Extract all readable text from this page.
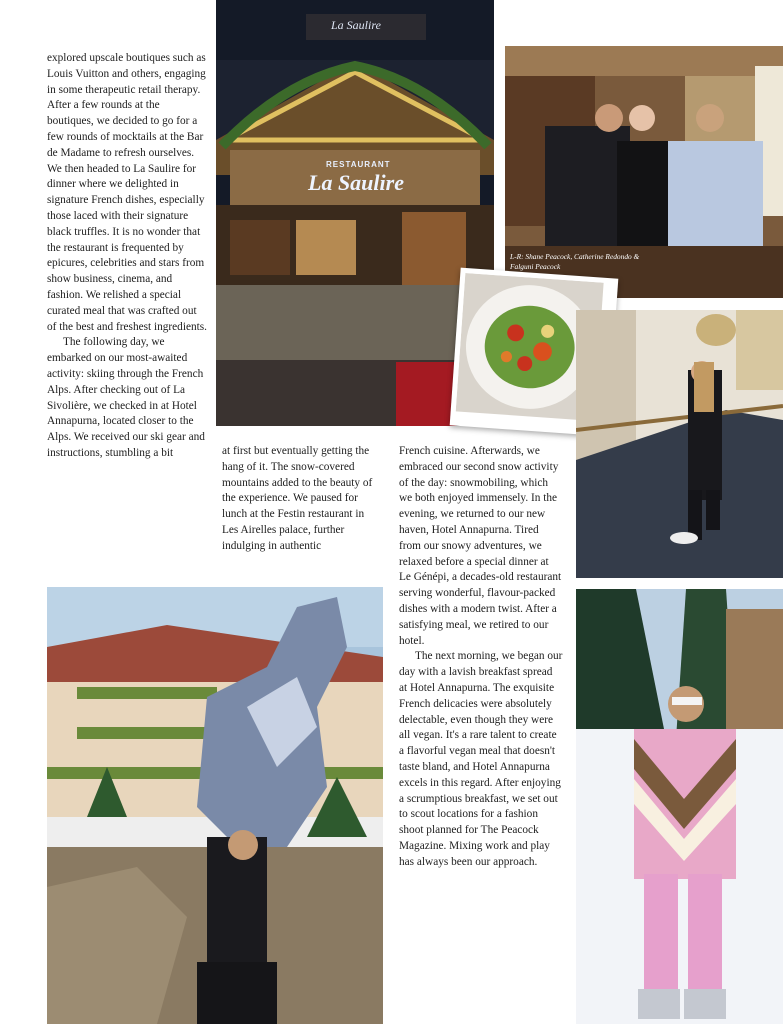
explored upscale boutiques such as Louis Vuitton and others, engaging in some therapeutic retail therapy. After a few rounds at the boutiques, we decided to go for a few rounds of mocktails at the Bar de Madame to refresh ourselves. We then headed to La Saulire for dinner where we delighted in signature French dishes, especially those laced with their signature black truffles. It is no wonder that the restaurant is frequented by epicures, celebrities and stars from show business, cinema, and fashion. We relished a special curated meal that was crafted out of the best and freshest ingredients.

The following day, we embarked on our most-awaited activity: skiing through the French Alps. After checking out of La Sivolière, we checked in at Hotel Annapurna, located closer to the Alps. We received our ski gear and instructions, stumbling a bit	at first but eventually getting the hang of it. The snow-covered mountains added to the beauty of the experience. We paused for lunch at the Festin restaurant in Les Airelles palace, further indulging in authentic

French cuisine. Afterwards, we embraced our second snow activity of the day: snowmobiling, which we both enjoyed immensely. In the evening, we returned to our new haven, Hotel Annapurna. Tired from our snowy adventures, we relaxed before a special dinner at Le Génépi, a decades-old restaurant serving wonderful, flavour-packed dishes with a modern twist. After a satisfying meal, we retired to our hotel.

The next morning, we began our day with a lavish breakfast spread at Hotel Annapurna. The exquisite French delicacies were absolutely delectable, even though they were all vegan. It's a rare talent to create a flavorful vegan meal that doesn't taste bland, and Hotel Annapurna excels in this regard. After enjoying a scrumptious breakfast, we set out to scout locations for a fashion shoot planned for The Peacock Magazine. Mixing work and play has always been our approach.

RESTAURANT
La Saulire
La Saulire
L-R: Shane Peacock, Catherine Redondo & Falguni Peacock
